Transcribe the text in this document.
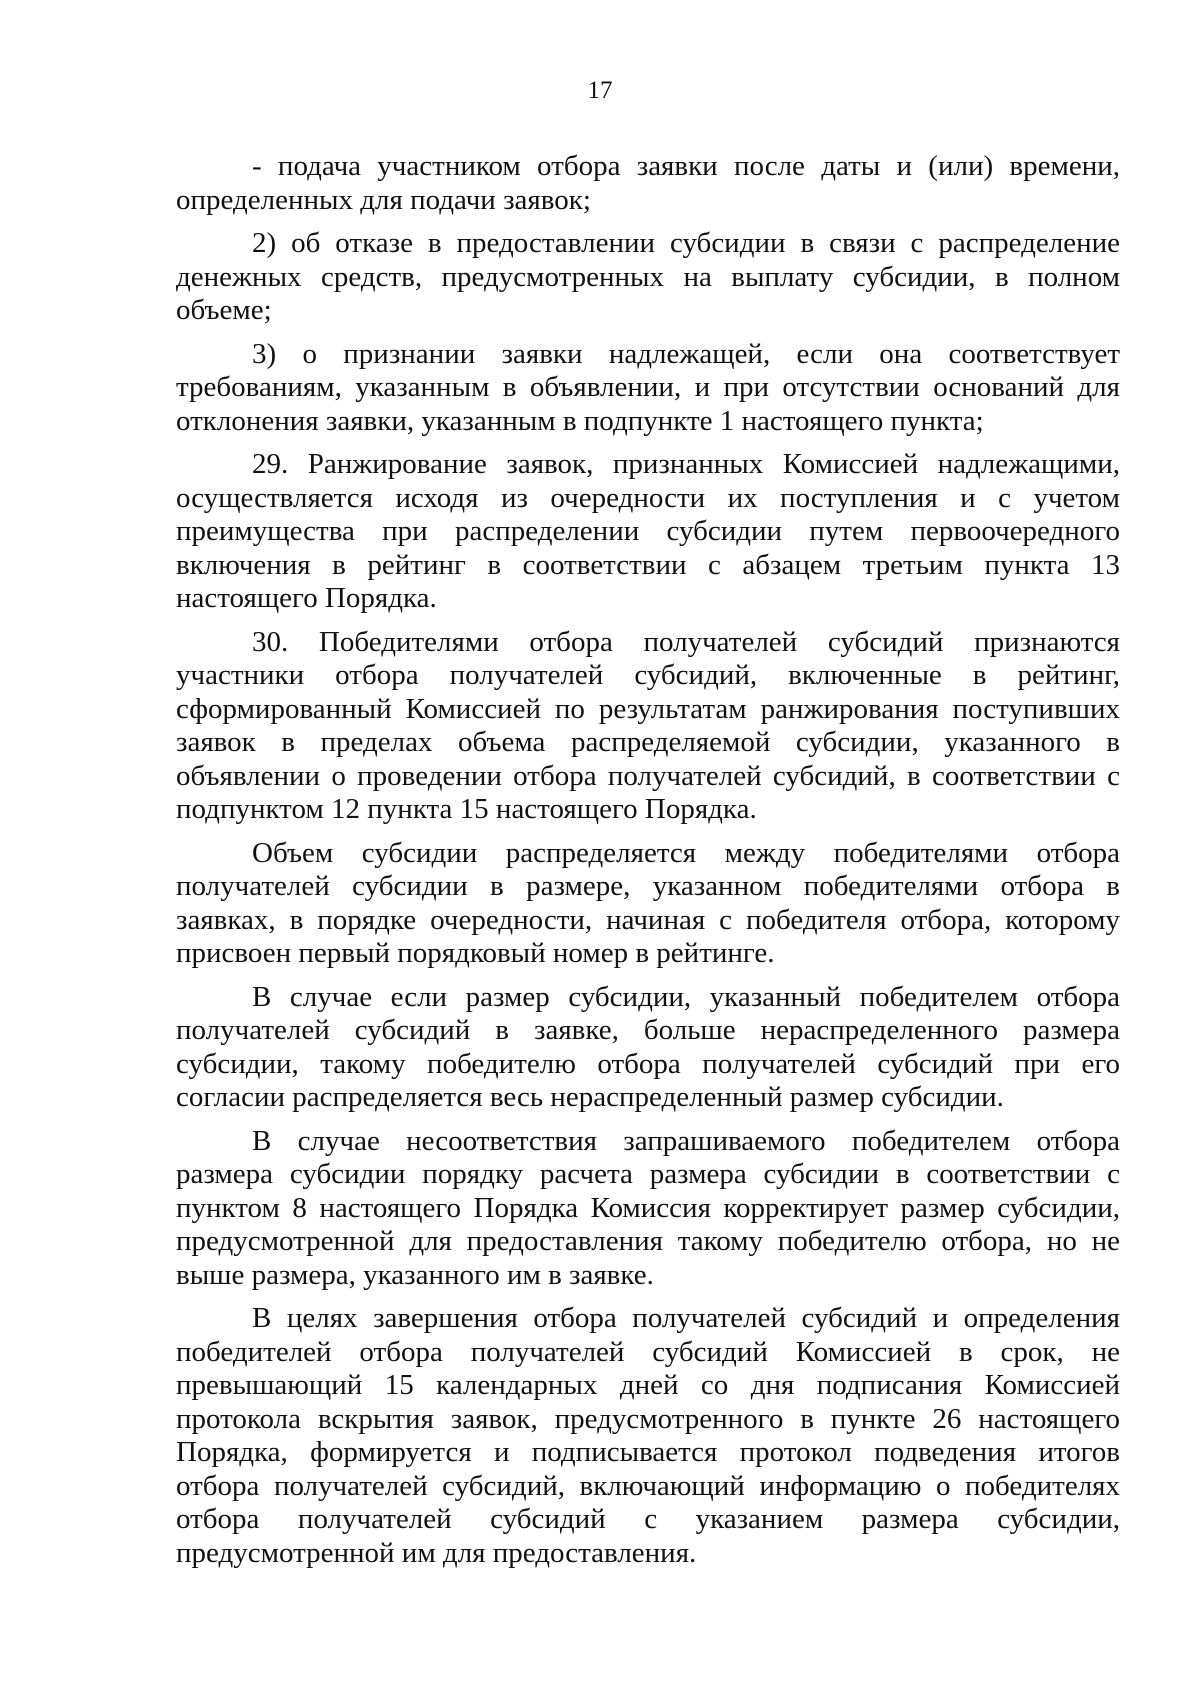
17

- подача участником отбора заявки после даты и (или) времени, определенных для подачи заявок;

2) об отказе в предоставлении субсидии в связи с распределение денежных средств, предусмотренных на выплату субсидии, в полном объеме;

3) о признании заявки надлежащей, если она соответствует требованиям, указанным в объявлении, и при отсутствии оснований для отклонения заявки, указанным в подпункте 1 настоящего пункта;

29. Ранжирование заявок, признанных Комиссией надлежащими, осуществляется исходя из очередности их поступления и с учетом преимущества при распределении субсидии путем первоочередного включения в рейтинг в соответствии с абзацем третьим пункта 13 настоящего Порядка.

30. Победителями отбора получателей субсидий признаются участники отбора получателей субсидий, включенные в рейтинг, сформированный Комиссией по результатам ранжирования поступивших заявок в пределах объема распределяемой субсидии, указанного в объявлении о проведении отбора получателей субсидий, в соответствии с подпунктом 12 пункта 15 настоящего Порядка.

Объем субсидии распределяется между победителями отбора получателей субсидии в размере, указанном победителями отбора в заявках, в порядке очередности, начиная с победителя отбора, которому присвоен первый порядковый номер в рейтинге.

В случае если размер субсидии, указанный победителем отбора получателей субсидий в заявке, больше нераспределенного размера субсидии, такому победителю отбора получателей субсидий при его согласии распределяется весь нераспределенный размер субсидии.

В случае несоответствия запрашиваемого победителем отбора размера субсидии порядку расчета размера субсидии в соответствии с пунктом 8 настоящего Порядка Комиссия корректирует размер субсидии, предусмотренной для предоставления такому победителю отбора, но не выше размера, указанного им в заявке.

В целях завершения отбора получателей субсидий и определения победителей отбора получателей субсидий Комиссией в срок, не превышающий 15 календарных дней со дня подписания Комиссией протокола вскрытия заявок, предусмотренного в пункте 26 настоящего Порядка, формируется и подписывается протокол подведения итогов отбора получателей субсидий, включающий информацию о победителях отбора получателей субсидий с указанием размера субсидии, предусмотренной им для предоставления.
